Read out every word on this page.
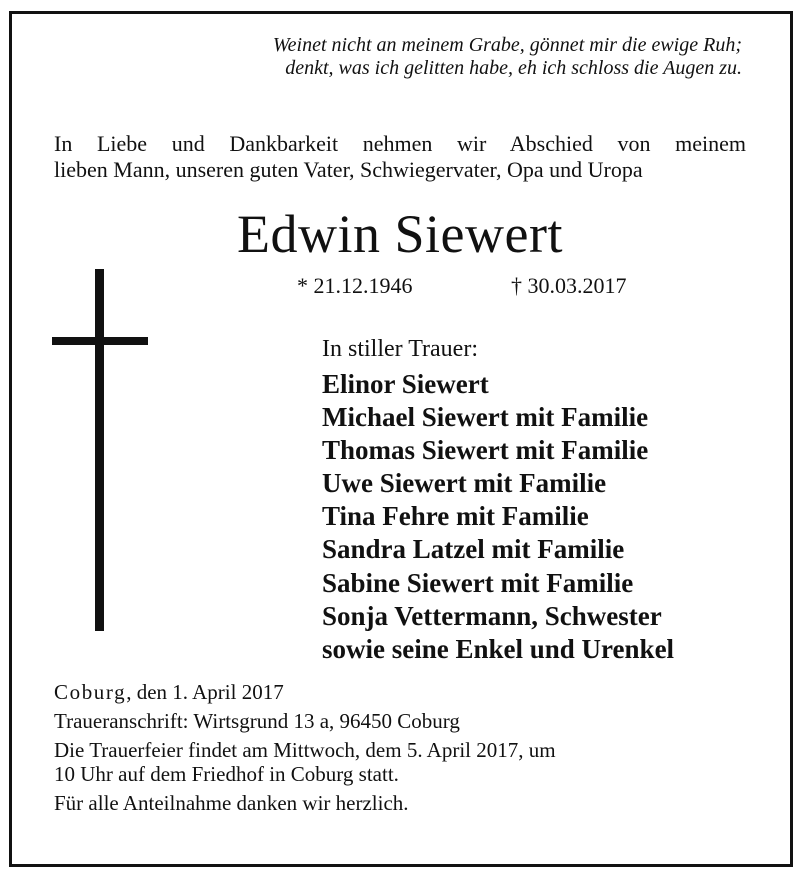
Weinet nicht an meinem Grabe, gönnet mir die ewige Ruh;
denkt, was ich gelitten habe, eh ich schloss die Augen zu.
In Liebe und Dankbarkeit nehmen wir Abschied von meinem
lieben Mann, unseren guten Vater, Schwiegervater, Opa und Uropa
Edwin Siewert
* 21.12.1946	† 30.03.2017
In stiller Trauer:
Elinor Siewert
Michael Siewert mit Familie
Thomas Siewert mit Familie
Uwe Siewert mit Familie
Tina Fehre mit Familie
Sandra Latzel mit Familie
Sabine Siewert mit Familie
Sonja Vettermann, Schwester
sowie seine Enkel und Urenkel
Coburg, den 1. April 2017
Traueranschrift: Wirtsgrund 13 a, 96450 Coburg
Die Trauerfeier findet am Mittwoch, dem 5. April 2017, um
10 Uhr auf dem Friedhof in Coburg statt.
Für alle Anteilnahme danken wir herzlich.
